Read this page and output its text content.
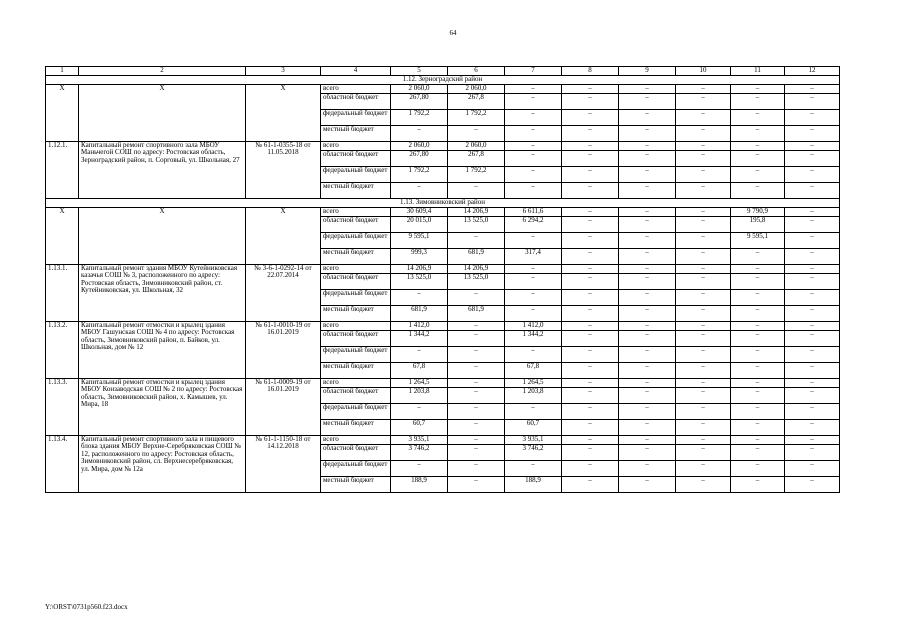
64
1	2	3	4	5	6	7	8	9	10	11	12
1.12. Зерноградский район											
X	X	X	всего	2 060,0	2 060,0	–	–	–	–	–	–
			областной бюджет	267,80	267,8	–	–	–	–	–	–
			федеральный бюджет	1 792,2	1 792,2	–	–	–	–	–	–
			местный бюджет	–	–	–	–	–	–	–	–
1.12.1.	Капитальный ремонт спортивного зала МБОУ Маньчегой СОШ по адресу: Ростовская область, Зерноградский район, п. Сорговый, ул. Школьная, 27	№ 61-1-0355-18 от 11.05.2018	всего	2 060,0	2 060,0	–	–	–	–	–	–
			областной бюджет	267,80	267,8	–	–	–	–	–	–
			федеральный бюджет	1 792,2	1 792,2	–	–	–	–	–	–
			местный бюджет	–	–	–	–	–	–	–	–
1.13. Зимовниковский район											
X	X	X	всего	30 609,4	14 206,9	6 611,6	–	–	–	9 790,9	–
			областной бюджет	20 015,0	13 525,0	6 294,2	–	–	–	195,8	–
			федеральный бюджет	9 595,1	–	–	–	–	–	9 595,1	–
			местный бюджет	999,3	681,9	317,4	–	–	–	–	–
1.13.1.	Капитальный ремонт здания МБОУ Кутейниковская казачья СОШ № 3, расположенного по адресу: Ростовская область, Зимовниковский район, ст. Кутейниковская, ул. Школьная, 32	№ 3-6-1-0292-14 от 22.07.2014	всего	14 206,9	14 206,9	–	–	–	–	–	–
			областной бюджет	13 525,0	13 525,0	–	–	–	–	–	–
			федеральный бюджет	–	–	–	–	–	–	–	–
			местный бюджет	681,9	681,9	–	–	–	–	–	–
1.13.2.	Капитальный ремонт отмостки и крылец здания МБОУ Гашунская СОШ № 4 по адресу: Ростовская область, Зимовниковский район, п. Байков, ул. Школьная, дом № 12	№ 61-1-0010-19 от 16.01.2019	всего	1 412,0	–	1 412,0	–	–	–	–	–
			областной бюджет	1 344,2	–	1 344,2	–	–	–	–	–
			федеральный бюджет	–	–	–	–	–	–	–	–
			местный бюджет	67,8	–	67,8	–	–	–	–	–
1.13.3.	Капитальный ремонт отмостки и крылец здания МБОУ Конзаводская СОШ № 2 по адресу: Ростовская область, Зимовниковский район, х. Камышев, ул. Мира, 18	№ 61-1-0009-19 от 16.01.2019	всего	1 264,5	–	1 264,5	–	–	–	–	–
			областной бюджет	1 203,8	–	1 203,8	–	–	–	–	–
			федеральный бюджет	–	–	–	–	–	–	–	–
			местный бюджет	60,7	–	60,7	–	–	–	–	–
1.13.4.	Капитальный ремонт спортивного зала и пищевого блока здания МБОУ Верхне-Серебряковская СОШ № 12, расположенного по адресу: Ростовская область, Зимовниковский район, сл. Верхнесеребряковская, ул. Мира, дом № 12а	№ 61-1-1150-18 от 14.12.2018	всего	3 935,1	–	3 935,1	–	–	–	–	–
			областной бюджет	3 746,2	–	3 746,2	–	–	–	–	–
			федеральный бюджет	–	–	–	–	–	–	–	–
			местный бюджет	188,9	–	188,9	–	–	–	–	–
Y:\ORST\0731p560.f23.docx
